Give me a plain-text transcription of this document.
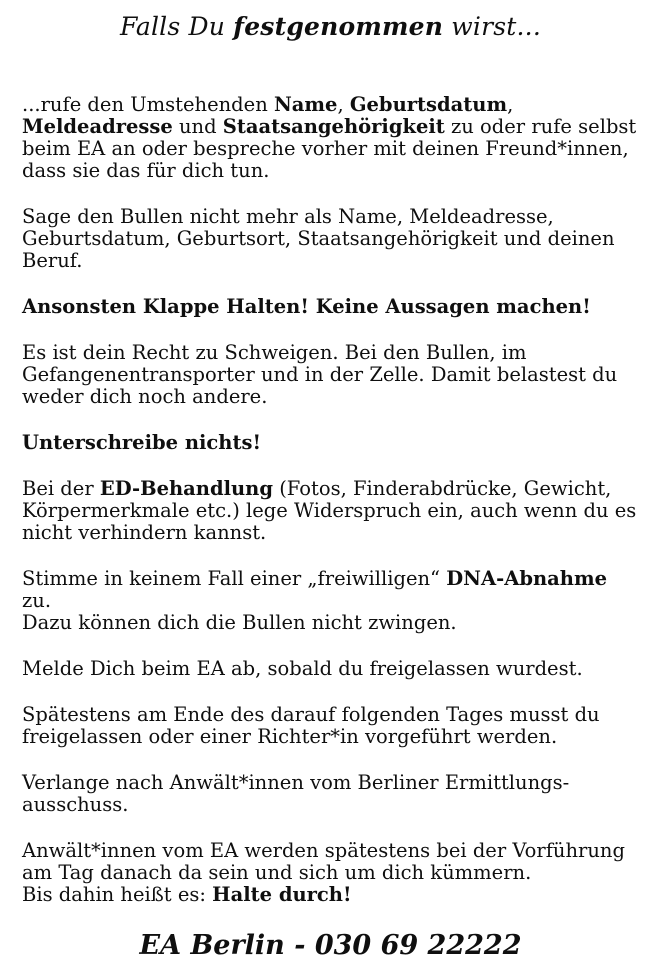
Falls Du festgenommen wirst...

...rufe den Umstehenden Name, Geburtsdatum,
Meldeadresse und Staatsangehörigkeit zu oder rufe selbst
beim EA an oder bespreche vorher mit deinen Freund*innen,
dass sie das für dich tun.

Sage den Bullen nicht mehr als Name, Meldeadresse,
Geburtsdatum, Geburtsort, Staatsangehörigkeit und deinen
Beruf.

Ansonsten Klappe Halten! Keine Aussagen machen!

Es ist dein Recht zu Schweigen. Bei den Bullen, im
Gefangenentransporter und in der Zelle. Damit belastest du
weder dich noch andere.

Unterschreibe nichts!

Bei der ED-Behandlung (Fotos, Finderabdrücke, Gewicht,
Körpermerkmale etc.) lege Widerspruch ein, auch wenn du es
nicht verhindern kannst.

Stimme in keinem Fall einer „freiwilligen“ DNA-Abnahme zu.
Dazu können dich die Bullen nicht zwingen.

Melde Dich beim EA ab, sobald du freigelassen wurdest.

Spätestens am Ende des darauf folgenden Tages musst du
freigelassen oder einer Richter*in vorgeführt werden.

Verlange nach Anwält*innen vom Berliner Ermittlungs-
ausschuss.

Anwält*innen vom EA werden spätestens bei der Vorführung
am Tag danach da sein und sich um dich kümmern.
Bis dahin heißt es: Halte durch!

EA Berlin - 030 69 22222
